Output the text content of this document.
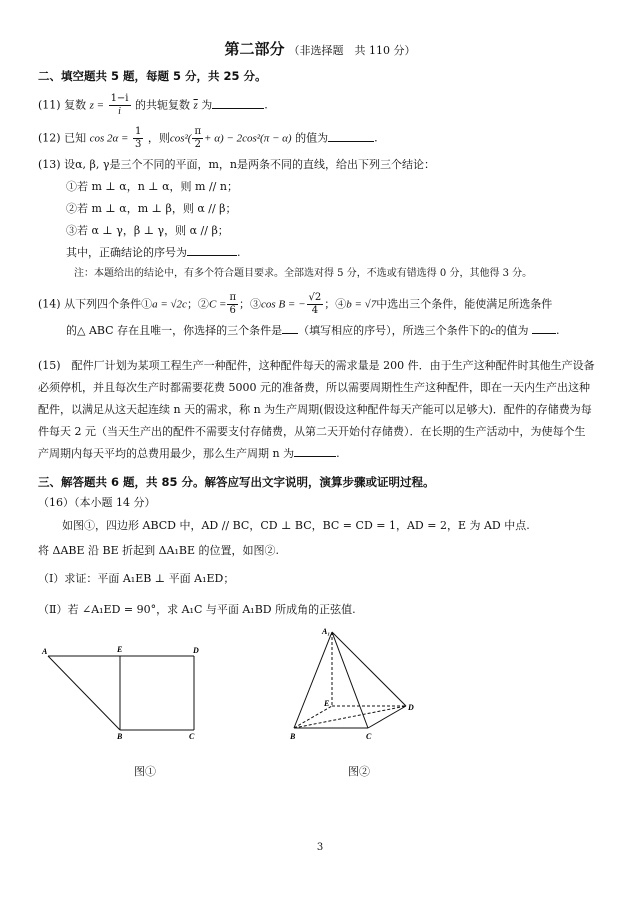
第二部分 （非选择题　共 110 分）
二、填空题共 5 题，每题 5 分，共 25 分。
(11) 复数 $z = \frac{1-i}{i}$ 的共轭复数 $\overline{z}$ 为	.
(12) 已知 $\cos 2\alpha = \frac{1}{3}$ ，则$\cos^2( \frac{\pi}{2} + \alpha) - 2\cos^2(\pi - \alpha)$ 的值为	.
(13) 设α, β, γ是三个不同的平面，m，n是两条不同的直线，给出下列三个结论：
①若 m ⊥ α，n ⊥ α，则 m // n；
②若 m ⊥ α，m ⊥ β，则 α // β；
③若 α ⊥ γ，β ⊥ γ，则 α // β；
其中，正确结论的序号为	.
注：本题给出的结论中，有多个符合题目要求。全部选对得 5 分，不选或有错选得 0 分，其他得 3 分。
(14) 从下列四个条件①a = √2c；②C = $\frac{\pi}{6}$ ；③cos B = − $\frac{√2}{4}$ ；④b = √7中选出三个条件，能使满足所选条件
的△ ABC 存在且唯一，你选择的三个条件是 （填写相应的序号），所选三个条件下的c的值为	.
(15)　配件厂计划为某项工程生产一种配件，这种配件每天的需求量是 200 件．由于生产这种配件时其他生产设备
必须停机，并且每次生产时都需要花费 5000 元的准备费，所以需要周期性生产这种配件，即在一天内生产出这种
配件，以满足从这天起连续 n 天的需求，称 n 为生产周期(假设这种配件每天产能可以足够大)．配件的存储费为每
件每天 2 元（当天生产出的配件不需要支付存储费，从第二天开始付存储费）．在长期的生产活动中，为使每个生
产周期内每天平均的总费用最少，那么生产周期 n 为	.
三、解答题共 6 题，共 85 分。解答应写出文字说明，演算步骤或证明过程。
（16）（本小题 14 分）
如图①，四边形 ABCD 中，AD // BC，CD ⊥ BC，BC = CD = 1，AD = 2，E 为 AD 中点.
将 ΔABE 沿 BE 折起到 ΔA₁BE 的位置，如图②.
（Ⅰ）求证：平面 A₁EB ⊥ 平面 A₁ED；
（Ⅱ）若 ∠A₁ED = 90°，求 A₁C 与平面 A₁BD 所成角的正弦值.
A	E	D
B	C
图①
A₁
E	D
B	C
图②
3
